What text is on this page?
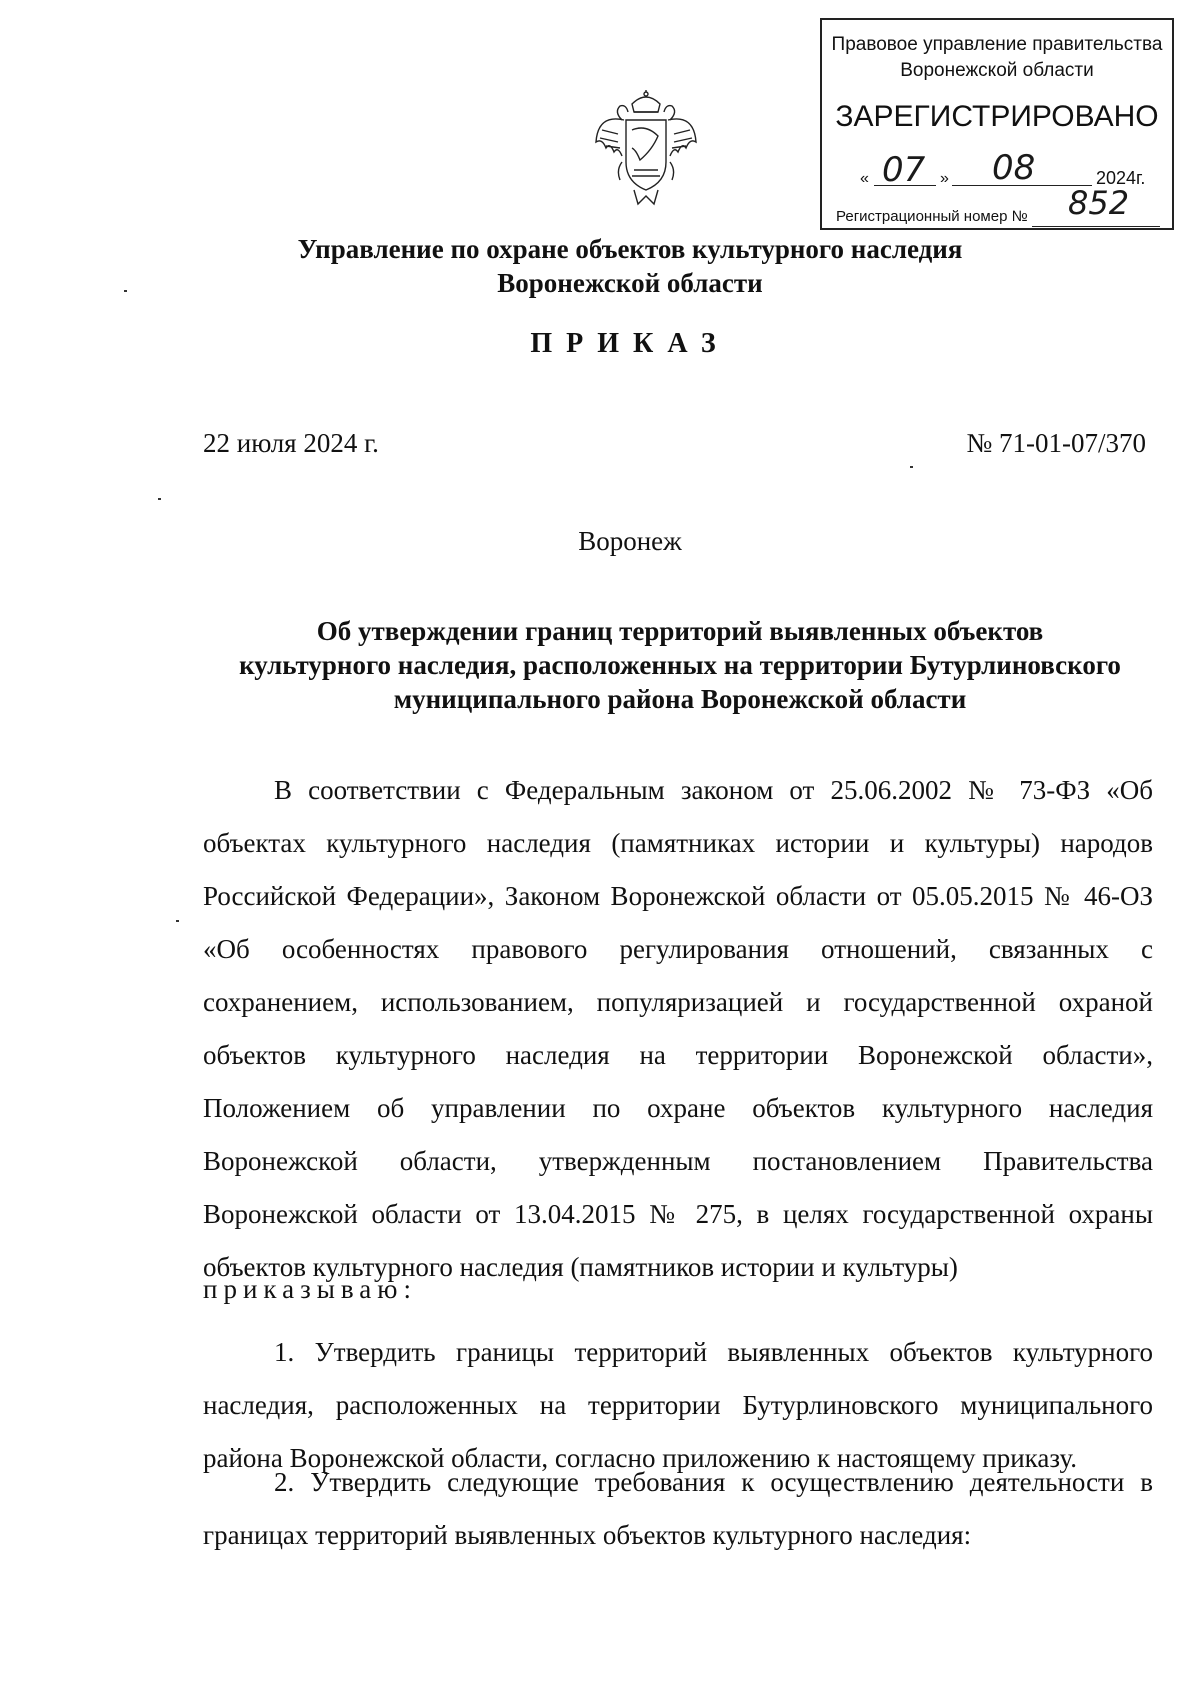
Правовое управление правительства
Воронежской области
ЗАРЕГИСТРИРОВАНО
« 07 » 08	2024г.
Регистрационный номер № 852
Управление по охране объектов культурного наследия
Воронежской области
ПРИКАЗ
22 июля 2024 г.	№ 71-01-07/370
Воронеж
Об утверждении границ территорий выявленных объектов
культурного наследия, расположенных на территории Бутурлиновского
муниципального района Воронежской области

В соответствии с Федеральным законом от 25.06.2002 № 73-ФЗ «Об объектах культурного наследия (памятниках истории и культуры) народов Российской Федерации», Законом Воронежской области от 05.05.2015 № 46-ОЗ «Об особенностях правового регулирования отношений, связанных с сохранением, использованием, популяризацией и государственной охраной объектов культурного наследия на территории Воронежской области», Положением об управлении по охране объектов культурного наследия Воронежской области, утвержденным постановлением Правительства Воронежской области от 13.04.2015 № 275, в целях государственной охраны объектов культурного наследия (памятников истории и культуры)

приказываю:

1. Утвердить границы территорий выявленных объектов культурного наследия, расположенных на территории Бутурлиновского муниципального района Воронежской области, согласно приложению к настоящему приказу.

2. Утвердить следующие требования к осуществлению деятельности в границах территорий выявленных объектов культурного наследия:
